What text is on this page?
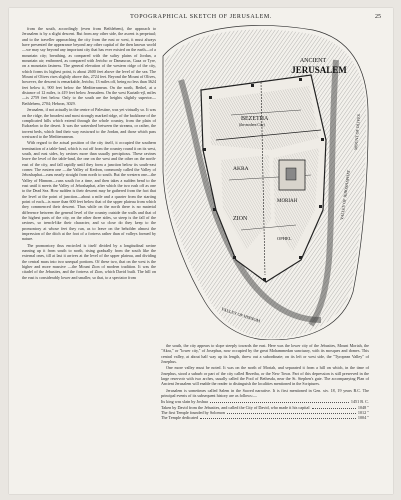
TOPOGRAPHICAL SKETCH OF JERUSALEM.	25

from the south, accordingly (even from Bethlehem), the approach to Jerusalem is by a slight descent. But from any other side, the ascent is perpetual; and to the traveller approaching the city from the east or west, it must always have presented the appearance beyond any other capital of the then known world—we may say beyond any important city that has ever existed on the earth—of a mountain city; breathing, as compared with the sultry plains of Jordan, a mountain air; enthroned, as compared with Jericho or Damascus, Gaza or Tyre, on a mountain fastness. The general elevation of the western ridge of the city, which forms its highest point, is about 2600 feet above the level of the sea. The Mount of Olives rises slightly above this, 2724 feet. Beyond the Mount of Olives, however, the descent is remarkable, Jericho, 13 miles off, being no less than 3624 feet below it, 900 feet below the Mediterranean. On the north, Bethel, at a distance of 12 miles, is 419 feet below Jerusalem. On the west Kuriath-ejl, miles—is 2759 feet below. Only to the south are the heights slightly superior—Bethlehem, 2704; Hebron, 3029.

Jerusalem, if not actually in the centre of Palestine, was yet virtually so. It was on the ridge, the broadest and most strongly marked ridge, of the backbone of the complicated hills which extend through the whole country, from the plain of Esdraelon to the desert. It was the watershed between the streams, or rather, the torrent beds, which find their way eastward to the Jordan, and those which pass westward to the Mediterranean.

With regard to the actual position of the city itself, it occupied the southern termination of a table-land, which is cut off from the country round it on its west, south, and east sides, by ravines more than usually precipitous. These ravines leave the level of the table-land, the one on the west and the other on the north-east of the city, and fall rapidly until they form a junction below its south-east corner. The eastern one —the Valley of Kedron, commonly called the Valley of Jehoshaphat—runs nearly straight from north to south. But the western one—the Valley of Hinnom—runs south for a time, and then takes a sudden bend to the east until it meets the Valley of Jehoshaphat, after which the two rush off as one to the Dead Sea. How sudden is their descent may be gathered from the fact that the level at the point of junction—about a mile and a quarter from the starting point of each—is more than 600 feet below that of the upper plateau from which they commenced their descent. Thus while on the north there is no material difference between the general level of the country outside the walls and that of the highest parts of the city, on the other three sides, so steep is the fall of the ravines, so trench-like their character, and so close do they keep to the promontory at whose feet they run, as to leave on the beholder almost the impression of the ditch at the foot of a fortress rather than of valleys formed by nature.

The promontory thus encircled is itself divided by a longitudinal ravine running up it from south to north, rising gradually from the south like the external ones, till at last it arrives at the level of the upper plateau, and dividing the central mass into two unequal portions. Of these two, that on the west is the higher and more massive —the Mount Zion of modern tradition. It was the citadel of the Jebusites, and the fortress of Zion, which David built. The hill on the east is considerably lower and smaller, so that, to a spectator from

ANCIENT
JERUSALEM
BEZETHA
(the modern City)
AKRA
MORIAH
ZION
OPHEL
VALLEY OF HINNOM
VALLEY OF JEHOSHAPHAT
MOUNT OF OLIVES

the south, the city appears to slope steeply towards the east. Here was the lower city of the Jebusites, Mount Moriah, the "Akra," or "lower city," of Josephus, now occupied by the great Mohammedan sanctuary, with its mosques and domes. This central valley, at about half way up its length, threw out a subordinate; on its left or west side, the "Tyropean Valley" of Josephus.

One more valley must be noted. It was on the north of Moriah, and separated it from a hill on which, in the time of Josephus, stood a suburb or part of the city called Bezetha, or the New Town. Part of this depression is still preserved in the large reservoir with two arches, usually called the Pool of Bethesda, near the St. Stephen's gate. The accompanying Plan of Ancient Jerusalem will enable the reader to distinguish the localities mentioned in the Scriptures.

Jerusalem is sometimes called Salem in the Sacred narrative. It is first mentioned in Gen. xiv. 18, 19 years B.C. The principal events of its subsequent history are as follows:—

Its king was slain by Joshua	1451 B. C.
Taken by David from the Jebusites, and called the City of David, who made it his capital	1048 "
The first Temple founded by Solomon	1012 "
The Temple dedicated	1004 "
